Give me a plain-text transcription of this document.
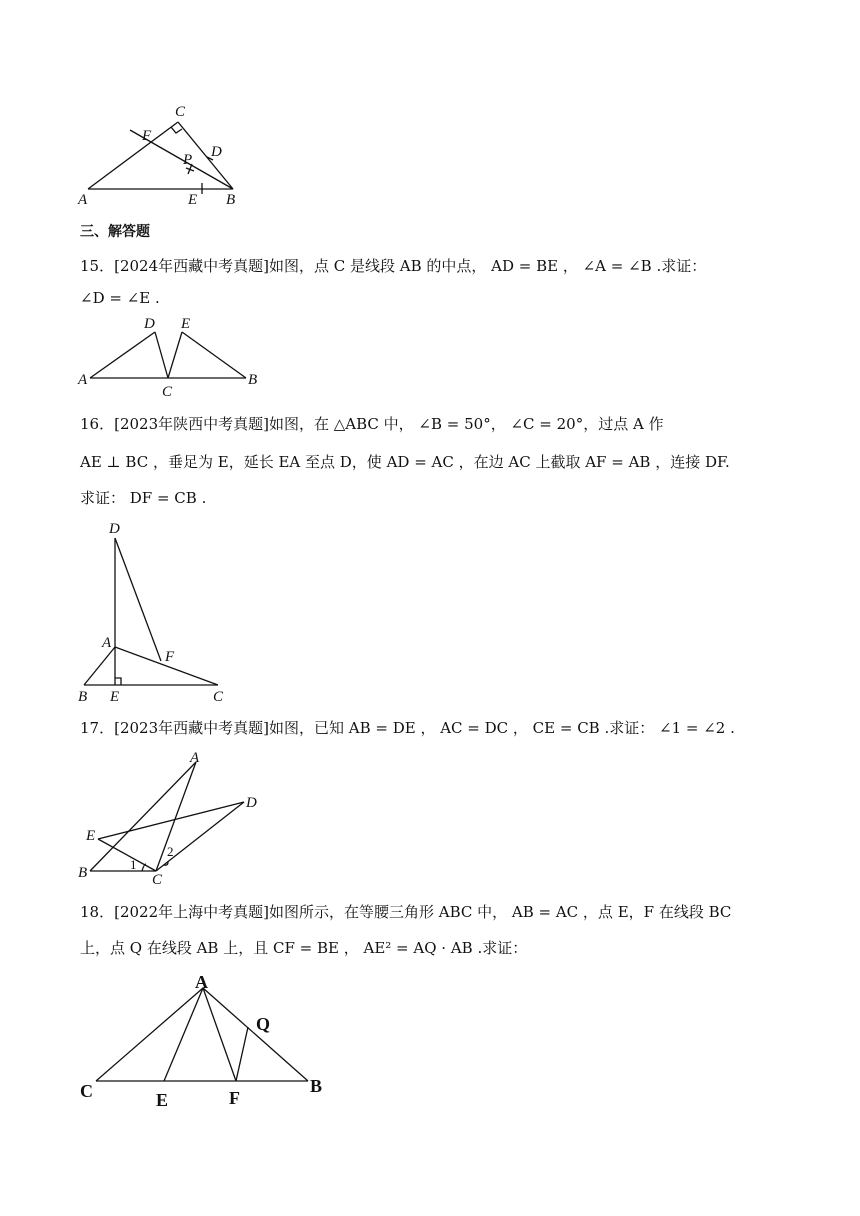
A	B
C
D
E
F
P
三、解答题
15．[2024年西藏中考真题]如图，点 C 是线段 AB 的中点， AD = BE ， ∠A = ∠B .求证：
∠D = ∠E .
A	B
C
D E
16．[2023年陕西中考真题]如图，在 △ABC 中， ∠B = 50°， ∠C = 20°，过点 A 作
AE ⊥ BC ，垂足为 E，延长 EA 至点 D，使 AD = AC ，在边 AC 上截取 AF = AB ，连接 DF.
求证： DF = CB .
D
A
F
B E	C
17．[2023年西藏中考真题]如图，已知 AB = DE ， AC = DC ， CE = CB .求证： ∠1 = ∠2 .
A
D
E
B	C
1
2
18．[2022年上海中考真题]如图所示，在等腰三角形 ABC 中， AB = AC ，点 E，F 在线段 BC
上，点 Q 在线段 AB 上，且 CF = BE ， AE² = AQ · AB .求证：
A
Q
C	E	F
B
